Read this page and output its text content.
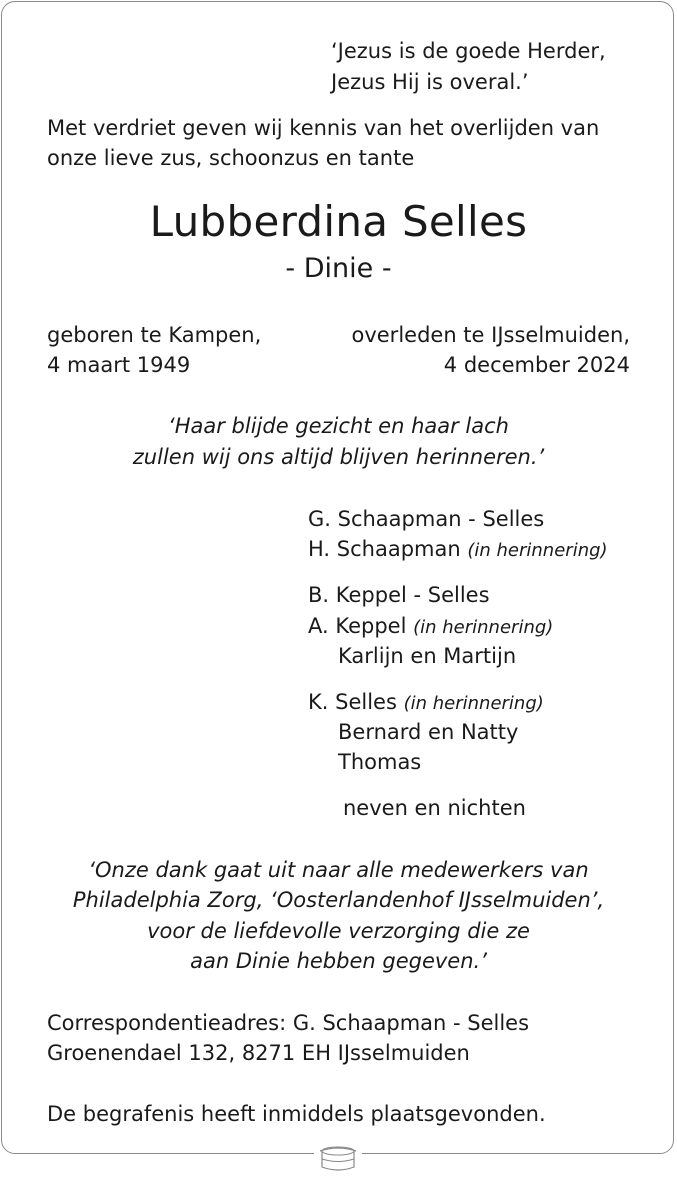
‘Jezus is de goede Herder,
Jezus Hij is overal.’
Met verdriet geven wij kennis van het overlijden van
onze lieve zus, schoonzus en tante
Lubberdina Selles
- Dinie -
geboren te Kampen,
4 maart 1949
overleden te IJsselmuiden,
4 december 2024
‘Haar blijde gezicht en haar lach
zullen wij ons altijd blijven herinneren.’
G. Schaapman - Selles
H. Schaapman (in herinnering)
B. Keppel - Selles
A. Keppel (in herinnering)
Karlijn en Martijn
K. Selles (in herinnering)
Bernard en Natty
Thomas
neven en nichten
‘Onze dank gaat uit naar alle medewerkers van
Philadelphia Zorg, ‘Oosterlandenhof IJsselmuiden’,
voor de liefdevolle verzorging die ze
aan Dinie hebben gegeven.’
Correspondentieadres: G. Schaapman - Selles
Groenendael 132, 8271 EH IJsselmuiden
De begrafenis heeft inmiddels plaatsgevonden.
